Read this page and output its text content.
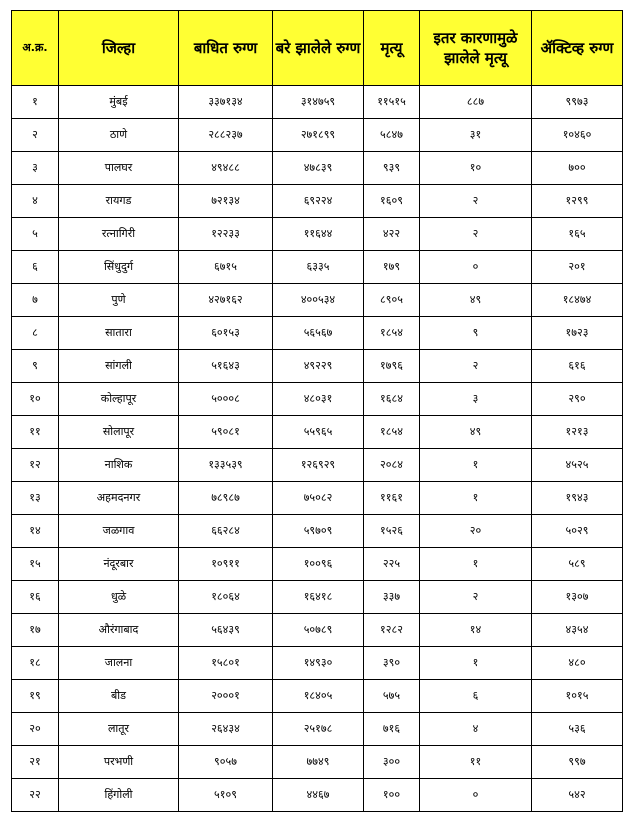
अ.क्र.	जिल्हा	बाधित रुग्ण	बरे झालेले रुग्ण	मृत्यू	इतर कारणामुळे झालेले मृत्यू	ॲक्टिव्ह रुग्ण
१	मुंबई	३३७१३४	३१४७५९	११५१५	८८७	९९७३
२	ठाणे	२८८२३७	२७१८९९	५८४७	३१	१०४६०
३	पालघर	४९४८८	४७८३९	९३९	१०	७००
४	रायगड	७२१३४	६९२२४	१६०९	२	१२९९
५	रत्नागिरी	१२२३३	११६४४	४२२	२	१६५
६	सिंधुदुर्ग	६७१५	६३३५	१७९	०	२०१
७	पुणे	४२७१६२	४००५३४	८९०५	४९	१८४७४
८	सातारा	६०१५३	५६५६७	१८५४	९	१७२३
९	सांगली	५१६४३	४९२२९	१७९६	२	६१६
१०	कोल्हापूर	५०००८	४८०३१	१६८४	३	२९०
११	सोलापूर	५९०८१	५५९६५	१८५४	४९	१२१३
१२	नाशिक	१३३५३९	१२६९२९	२०८४	१	४५२५
१३	अहमदनगर	७८९८७	७५०८२	११६१	१	१९४३
१४	जळगाव	६६२८४	५९७०९	१५२६	२०	५०२९
१५	नंदूरबार	१०९११	१००९६	२२५	१	५८९
१६	धुळे	१८०६४	१६४१८	३३७	२	१३०७
१७	औरंगाबाद	५६४३९	५०७८९	१२८२	१४	४३५४
१८	जालना	१५८०१	१४९३०	३९०	१	४८०
१९	बीड	२०००१	१८४०५	५७५	६	१०१५
२०	लातूर	२६४३४	२५१७८	७१६	४	५३६
२१	परभणी	९०५७	७७४९	३००	११	९९७
२२	हिंगोली	५१०९	४४६७	१००	०	५४२
